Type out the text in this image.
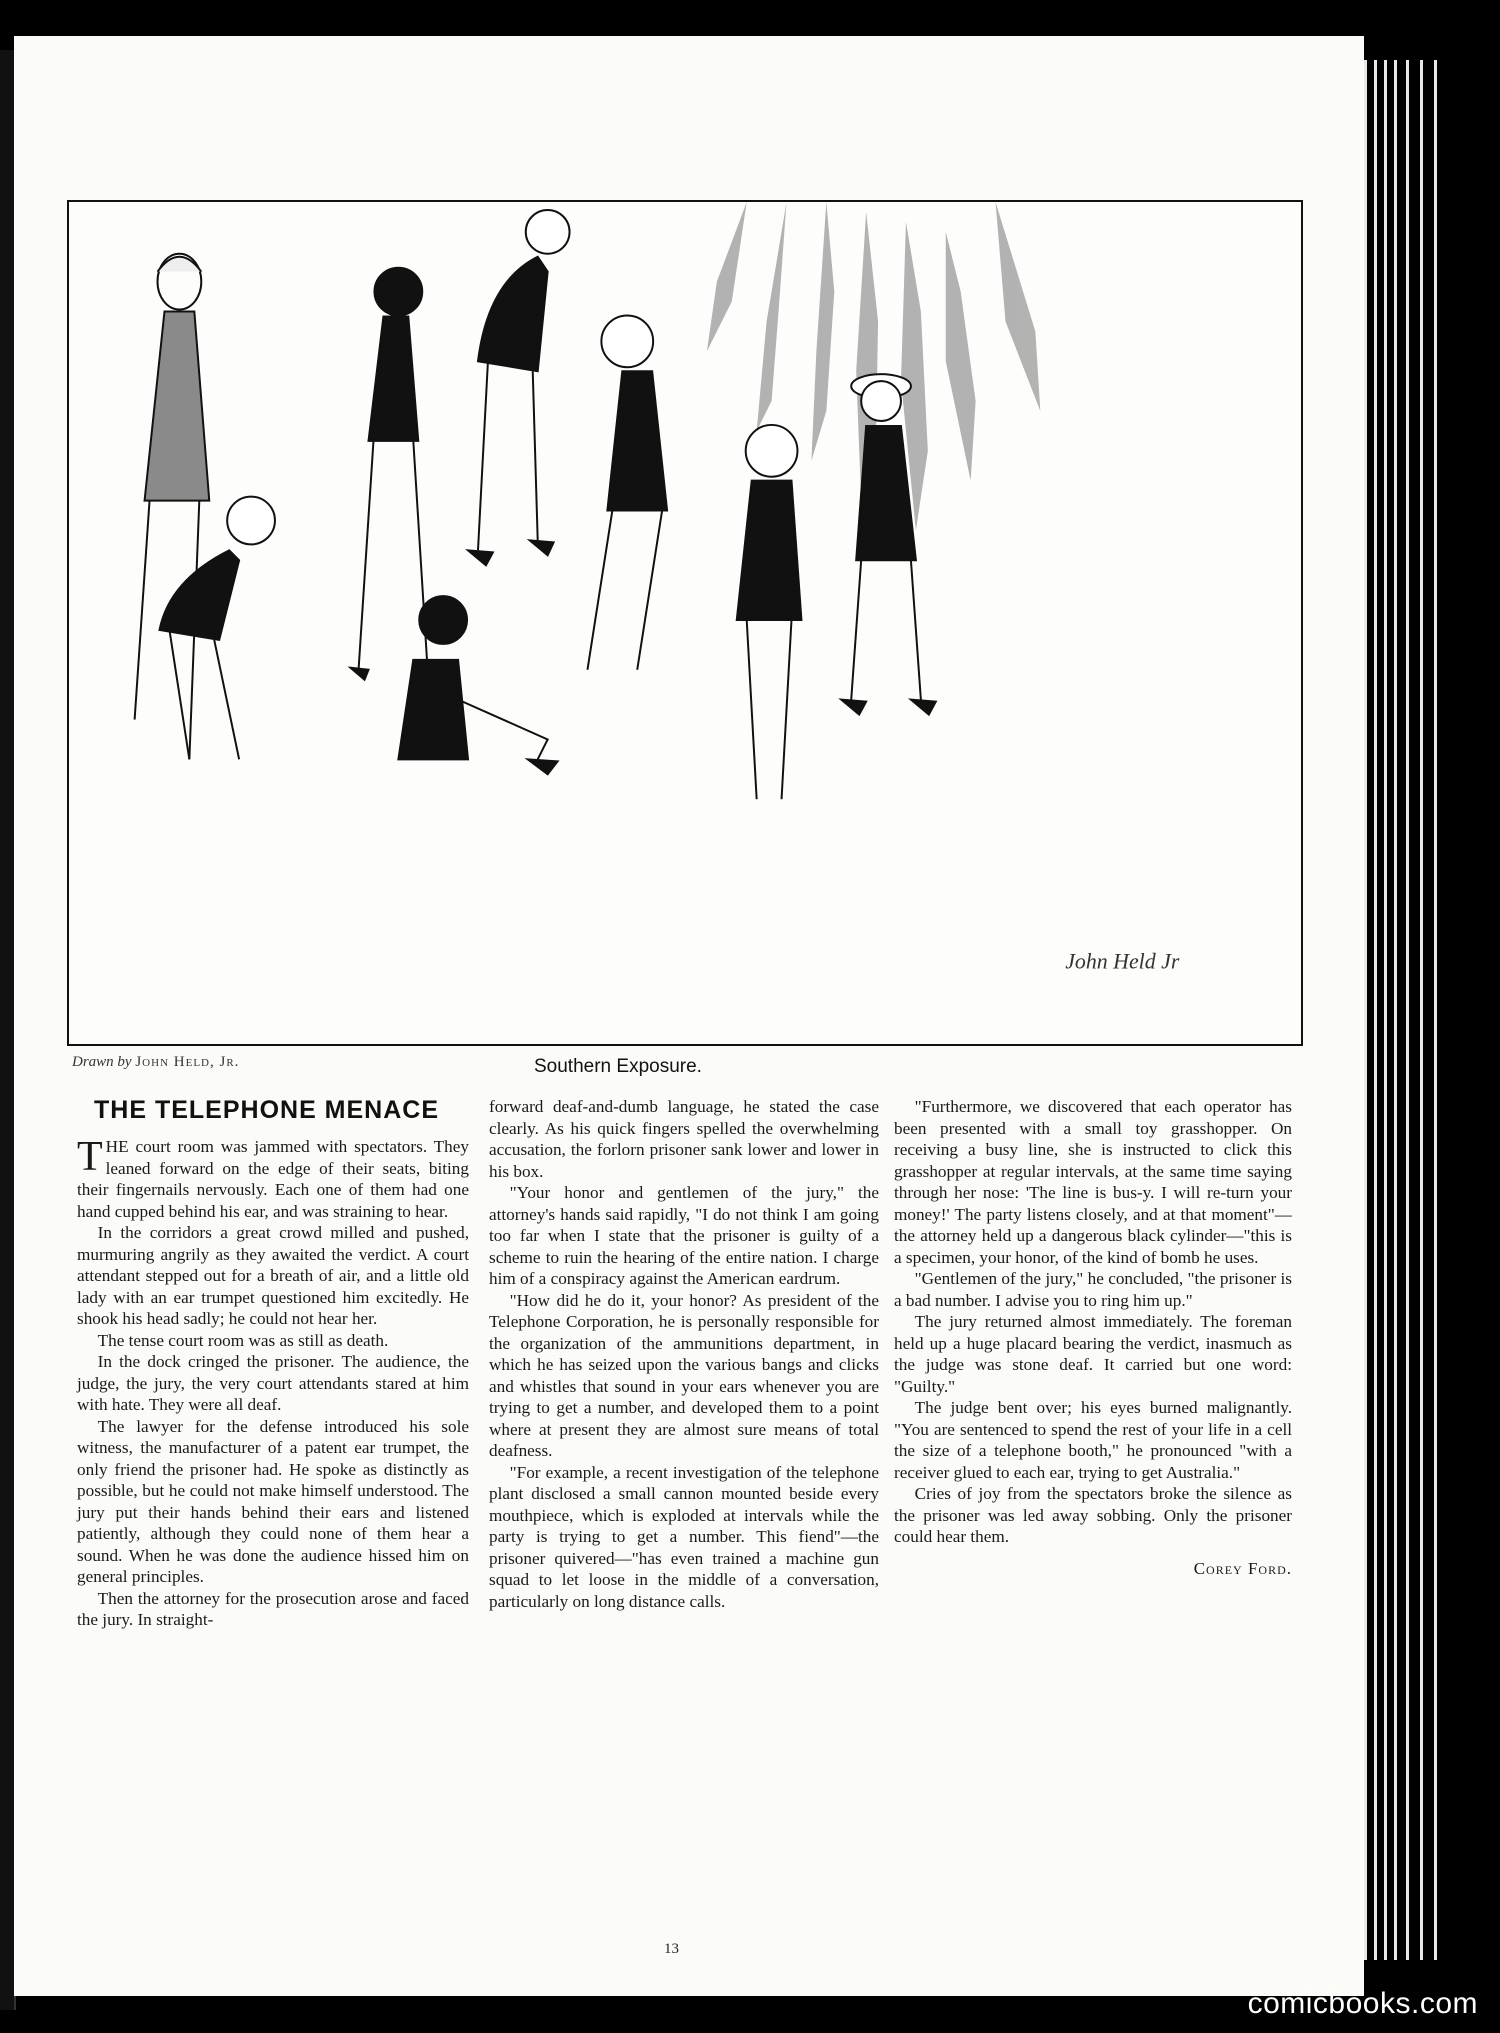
John Held Jr
Drawn by John Held, Jr.	Southern Exposure.
THE TELEPHONE MENACE

THE court room was jammed with spectators. They leaned forward on the edge of their seats, biting their fingernails nervously. Each one of them had one hand cupped behind his ear, and was straining to hear.

In the corridors a great crowd milled and pushed, murmuring angrily as they awaited the verdict. A court attendant stepped out for a breath of air, and a little old lady with an ear trumpet questioned him excitedly. He shook his head sadly; he could not hear her.

The tense court room was as still as death.

In the dock cringed the prisoner. The audience, the judge, the jury, the very court attendants stared at him with hate. They were all deaf.

The lawyer for the defense introduced his sole witness, the manufacturer of a patent ear trumpet, the only friend the prisoner had. He spoke as distinctly as possible, but he could not make himself understood. The jury put their hands behind their ears and listened patiently, although they could none of them hear a sound. When he was done the audience hissed him on general principles.

Then the attorney for the prosecution arose and faced the jury. In straight-

forward deaf-and-dumb language, he stated the case clearly. As his quick fingers spelled the overwhelming accusation, the forlorn prisoner sank lower and lower in his box.

"Your honor and gentlemen of the jury," the attorney's hands said rapidly, "I do not think I am going too far when I state that the prisoner is guilty of a scheme to ruin the hearing of the entire nation. I charge him of a conspiracy against the American eardrum.

"How did he do it, your honor? As president of the Telephone Corporation, he is personally responsible for the organization of the ammunitions department, in which he has seized upon the various bangs and clicks and whistles that sound in your ears whenever you are trying to get a number, and developed them to a point where at present they are almost sure means of total deafness.

"For example, a recent investigation of the telephone plant disclosed a small cannon mounted beside every mouthpiece, which is exploded at intervals while the party is trying to get a number. This fiend"—the prisoner quivered—"has even trained a machine gun squad to let loose in the middle of a conversation, particularly on long distance calls.

"Furthermore, we discovered that each operator has been presented with a small toy grasshopper. On receiving a busy line, she is instructed to click this grasshopper at regular intervals, at the same time saying through her nose: 'The line is bus-y. I will re-turn your money!' The party listens closely, and at that moment"—the attorney held up a dangerous black cylinder—"this is a specimen, your honor, of the kind of bomb he uses.

"Gentlemen of the jury," he concluded, "the prisoner is a bad number. I advise you to ring him up."

The jury returned almost immediately. The foreman held up a huge placard bearing the verdict, inasmuch as the judge was stone deaf. It carried but one word: "Guilty."

The judge bent over; his eyes burned malignantly. "You are sentenced to spend the rest of your life in a cell the size of a telephone booth," he pronounced "with a receiver glued to each ear, trying to get Australia."

Cries of joy from the spectators broke the silence as the prisoner was led away sobbing. Only the prisoner could hear them.

Corey Ford.
13
comicbooks.com
